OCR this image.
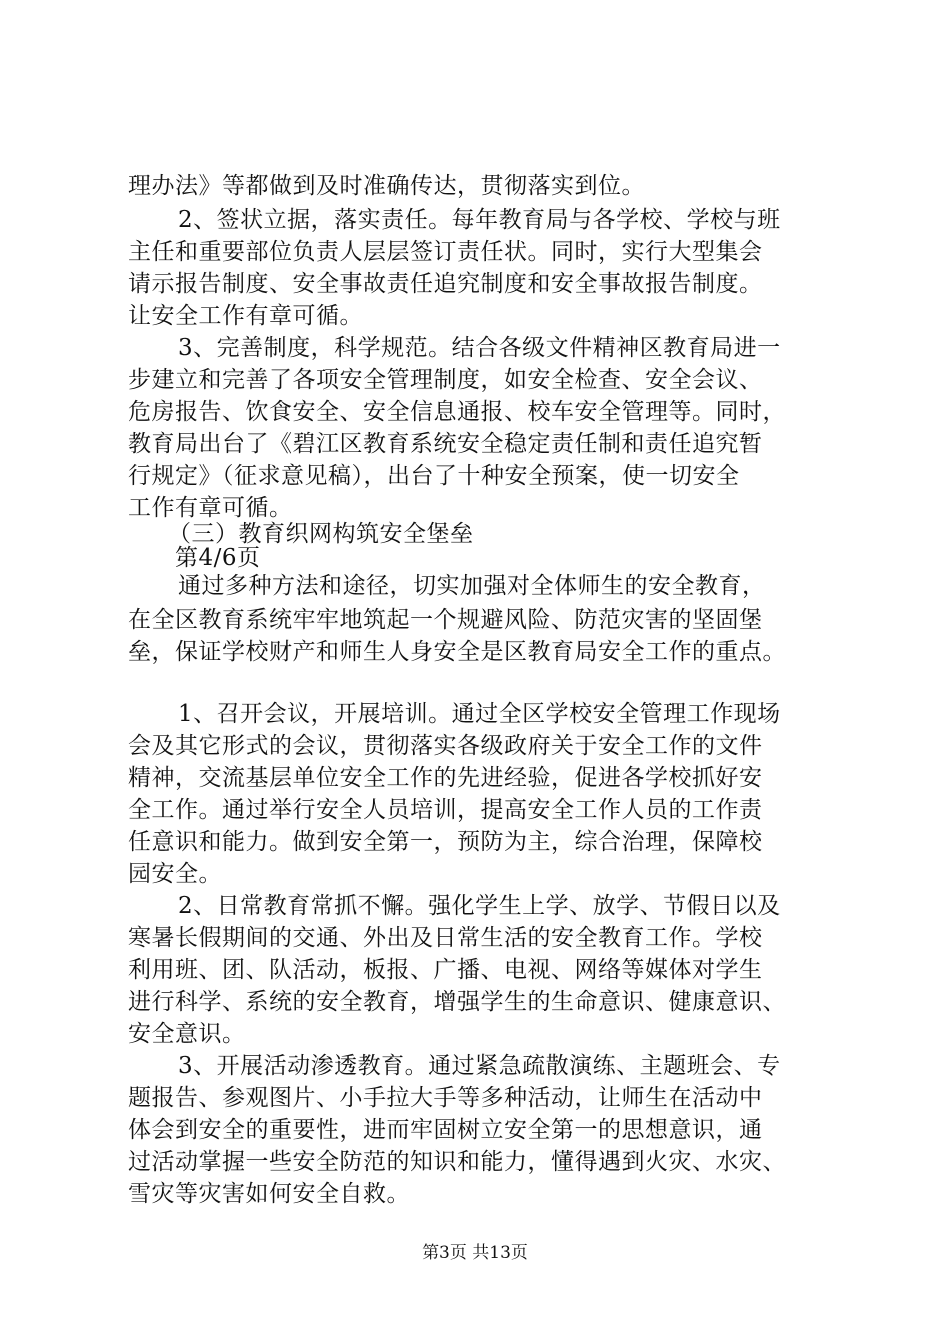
理办法》等都做到及时准确传达，贯彻落实到位。
2、签状立据，落实责任。每年教育局与各学校、学校与班
主任和重要部位负责人层层签订责任状。同时，实行大型集会
请示报告制度、安全事故责任追究制度和安全事故报告制度。
让安全工作有章可循。
3、完善制度，科学规范。结合各级文件精神区教育局进一
步建立和完善了各项安全管理制度，如安全检查、安全会议、
危房报告、饮食安全、安全信息通报、校车安全管理等。同时，
教育局出台了《碧江区教育系统安全稳定责任制和责任追究暂
行规定》（征求意见稿），出台了十种安全预案，使一切安全
工作有章可循。
（三）教育织网构筑安全堡垒
第4/6页
通过多种方法和途径，切实加强对全体师生的安全教育，
在全区教育系统牢牢地筑起一个规避风险、防范灾害的坚固堡
垒，保证学校财产和师生人身安全是区教育局安全工作的重点。
1、召开会议，开展培训。通过全区学校安全管理工作现场
会及其它形式的会议，贯彻落实各级政府关于安全工作的文件
精神，交流基层单位安全工作的先进经验，促进各学校抓好安
全工作。通过举行安全人员培训，提高安全工作人员的工作责
任意识和能力。做到安全第一，预防为主，综合治理，保障校
园安全。
2、日常教育常抓不懈。强化学生上学、放学、节假日以及
寒暑长假期间的交通、外出及日常生活的安全教育工作。学校
利用班、团、队活动，板报、广播、电视、网络等媒体对学生
进行科学、系统的安全教育，增强学生的生命意识、健康意识、
安全意识。
3、开展活动渗透教育。通过紧急疏散演练、主题班会、专
题报告、参观图片、小手拉大手等多种活动，让师生在活动中
体会到安全的重要性，进而牢固树立安全第一的思想意识，通
过活动掌握一些安全防范的知识和能力，懂得遇到火灾、水灾、
雪灾等灾害如何安全自救。
第3页 共13页
